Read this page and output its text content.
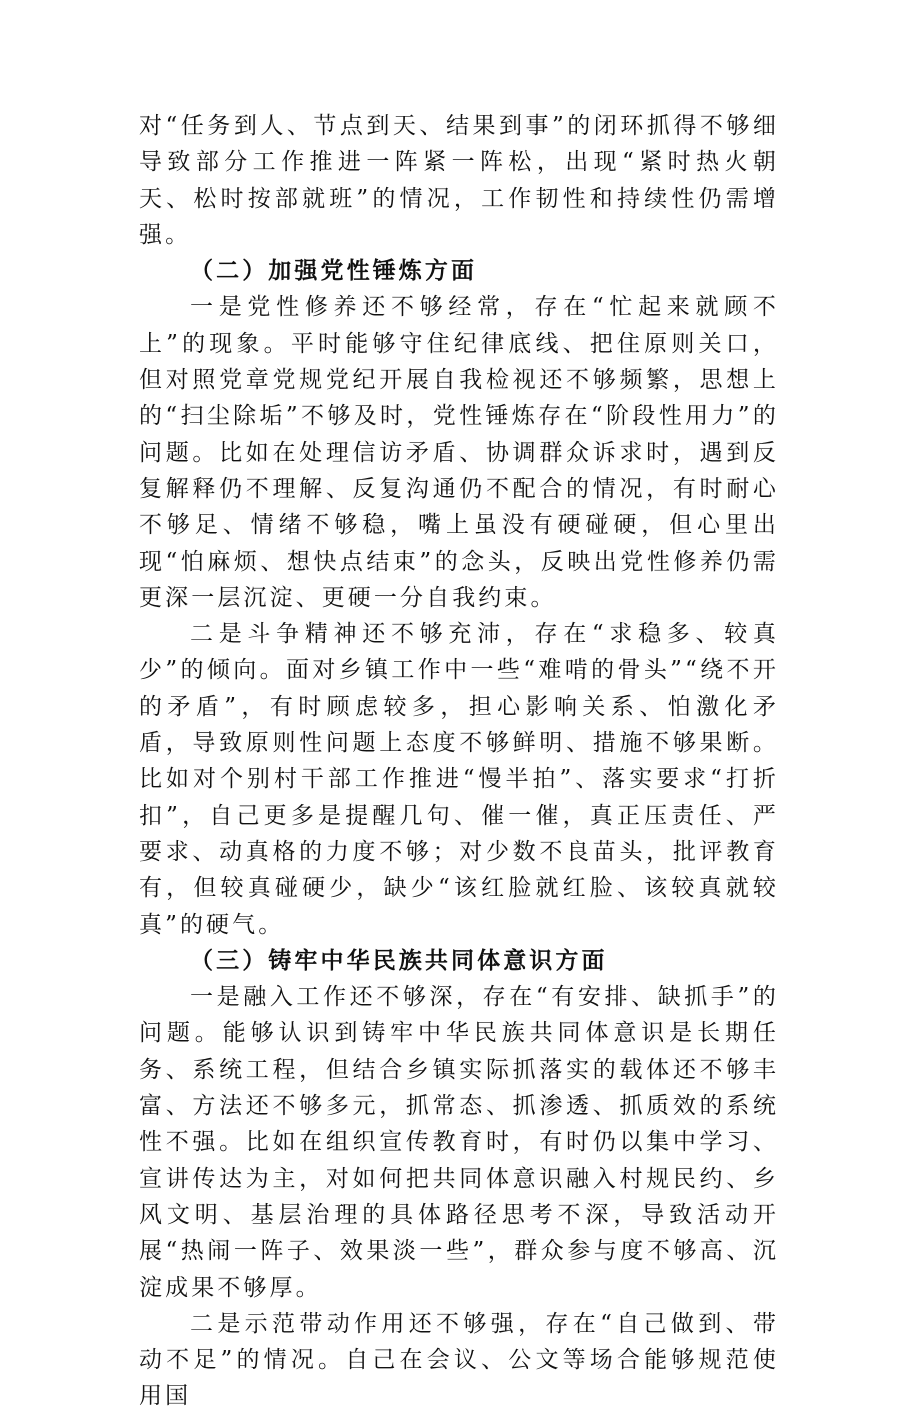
对“任务到人、节点到天、结果到事”的闭环抓得不够细导致部分工作推进一阵紧一阵松，出现“紧时热火朝天、松时按部就班”的情况，工作韧性和持续性仍需增强。

（二）加强党性锤炼方面

一是党性修养还不够经常，存在“忙起来就顾不上”的现象。平时能够守住纪律底线、把住原则关口，但对照党章党规党纪开展自我检视还不够频繁，思想上的“扫尘除垢”不够及时，党性锤炼存在“阶段性用力”的问题。比如在处理信访矛盾、协调群众诉求时，遇到反复解释仍不理解、反复沟通仍不配合的情况，有时耐心不够足、情绪不够稳，嘴上虽没有硬碰硬，但心里出现“怕麻烦、想快点结束”的念头，反映出党性修养仍需更深一层沉淀、更硬一分自我约束。

二是斗争精神还不够充沛，存在“求稳多、较真少”的倾向。面对乡镇工作中一些“难啃的骨头”“绕不开的矛盾”，有时顾虑较多，担心影响关系、怕激化矛盾，导致原则性问题上态度不够鲜明、措施不够果断。比如对个别村干部工作推进“慢半拍”、落实要求“打折扣”，自己更多是提醒几句、催一催，真正压责任、严要求、动真格的力度不够；对少数不良苗头，批评教育有，但较真碰硬少，缺少“该红脸就红脸、该较真就较真”的硬气。

（三）铸牢中华民族共同体意识方面

一是融入工作还不够深，存在“有安排、缺抓手”的问题。能够认识到铸牢中华民族共同体意识是长期任务、系统工程，但结合乡镇实际抓落实的载体还不够丰富、方法还不够多元，抓常态、抓渗透、抓质效的系统性不强。比如在组织宣传教育时，有时仍以集中学习、宣讲传达为主，对如何把共同体意识融入村规民约、乡风文明、基层治理的具体路径思考不深，导致活动开展“热闹一阵子、效果淡一些”，群众参与度不够高、沉淀成果不够厚。

二是示范带动作用还不够强，存在“自己做到、带动不足”的情况。自己在会议、公文等场合能够规范使用国
